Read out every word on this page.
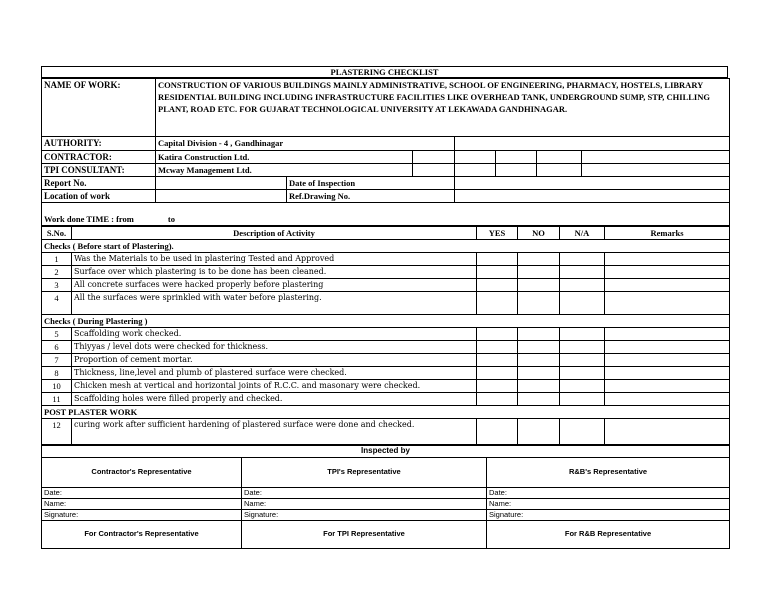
PLASTERING CHECKLIST
NAME OF WORK:	CONSTRUCTION OF VARIOUS BUILDINGS MAINLY ADMINISTRATIVE, SCHOOL OF ENGINEERING, PHARMACY, HOSTELS, LIBRARY RESIDENTIAL BUILDING INCLUDING INFRASTRUCTURE FACILITIES LIKE OVERHEAD TANK, UNDERGROUND SUMP, STP, CHILLING PLANT, ROAD ETC. FOR GUJARAT TECHNOLOGICAL UNIVERSITY AT LEKAWADA GANDHINAGAR.						
AUTHORITY:	Capital Division - 4 , Gandhinagar						
CONTRACTOR:	Katira Construction Ltd.						
TPI CONSULTANT:	Mcway Management Ltd.						
Report No.		Date of Inspection					
Location of work		Ref.Drawing No.					

Work done TIME : from to							
S.No.	Description of Activity	YES	NO	N/A	Remarks
Checks ( Before start of Plastering).					
1	Was the Materials to be used in plastering Tested and Approved				
2	Surface over which plastering is to be done has been cleaned.				
3	All concrete surfaces were hacked properly before plastering				
4	All the surfaces were sprinkled with water before plastering.				
Checks ( During Plastering )					
5	Scaffolding work checked.				
6	Thiyyas / level dots were checked for thickness.				
7	Proportion of cement mortar.				
8	Thickness, line,level and plumb of plastered surface were checked.				
10	Chicken mesh at vertical and horizontal joints of R.C.C. and masonary were checked.				
11	Scaffolding holes were filled properly and checked.				
POST PLASTER WORK					
12	curing work after sufficient hardening of plastered surface were done and checked.				
Inspected by		
Contractor's Representative	TPI's Representative	R&B's Representative
Date:	Date:	Date:
Name:	Name:	Name:
Signature:	Signature:	Signature:
For Contractor's Representative	For TPI Representative	For R&B Representative
